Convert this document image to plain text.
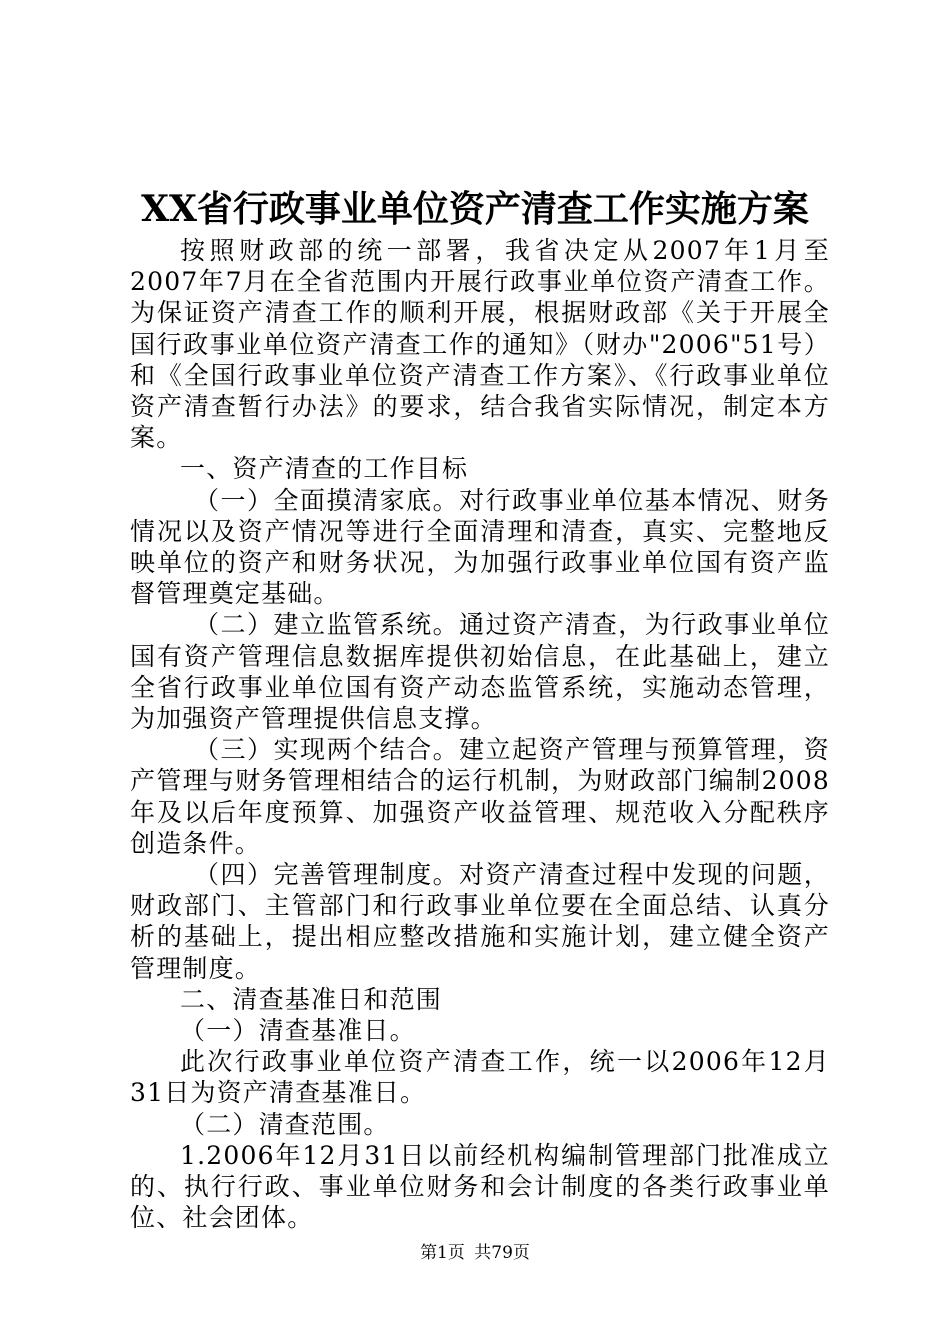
XX省行政事业单位资产清查工作实施方案

按照财政部的统一部署，我省决定从2007年1月至2007年7月在全省范围内开展行政事业单位资产清查工作。为保证资产清查工作的顺利开展，根据财政部《关于开展全国行政事业单位资产清查工作的通知》（财办"2006"51号）和《全国行政事业单位资产清查工作方案》、《行政事业单位资产清查暂行办法》的要求，结合我省实际情况，制定本方案。

一、资产清查的工作目标

（一）全面摸清家底。对行政事业单位基本情况、财务情况以及资产情况等进行全面清理和清查，真实、完整地反映单位的资产和财务状况，为加强行政事业单位国有资产监督管理奠定基础。

（二）建立监管系统。通过资产清查，为行政事业单位国有资产管理信息数据库提供初始信息，在此基础上，建立全省行政事业单位国有资产动态监管系统，实施动态管理，为加强资产管理提供信息支撑。

（三）实现两个结合。建立起资产管理与预算管理，资产管理与财务管理相结合的运行机制，为财政部门编制2008年及以后年度预算、加强资产收益管理、规范收入分配秩序创造条件。

（四）完善管理制度。对资产清查过程中发现的问题，财政部门、主管部门和行政事业单位要在全面总结、认真分析的基础上，提出相应整改措施和实施计划，建立健全资产管理制度。

二、清查基准日和范围

（一）清查基准日。

此次行政事业单位资产清查工作，统一以2006年12月31日为资产清查基准日。

（二）清查范围。

1.2006年12月31日以前经机构编制管理部门批准成立的、执行行政、事业单位财务和会计制度的各类行政事业单位、社会团体。

第1页 共79页
